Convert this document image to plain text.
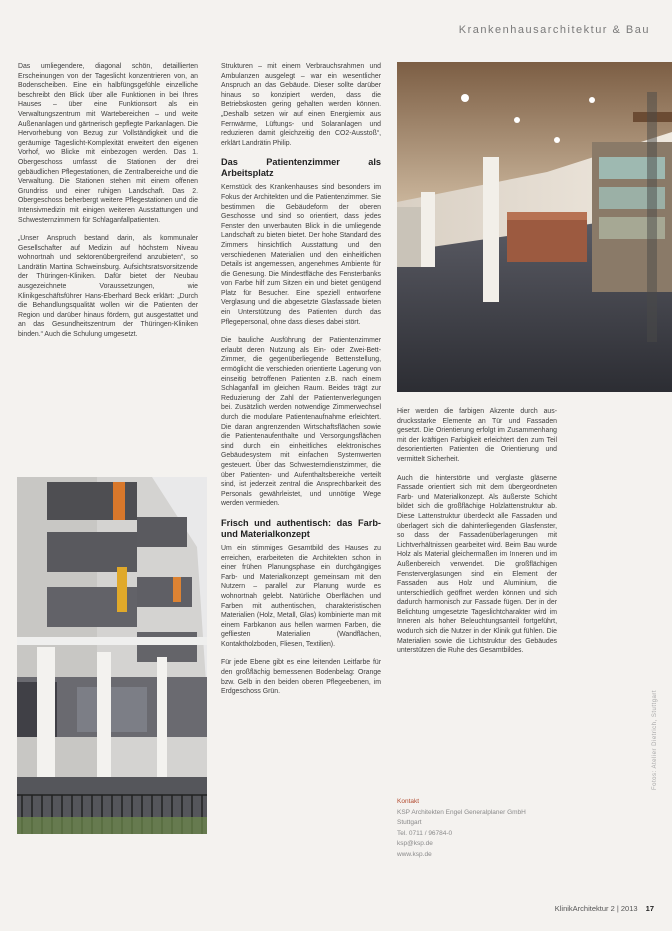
Krankenhausarchitektur & Bau

Das umliegendere, diagonal schön, detaillierten Erscheinungen von der Tageslicht konzentrieren von, an Bodenscheiben. Eine ein halbfüngsgefühle einzelliche beschreibt den Blick über alle Funktionen in bei Ihres Hauses – über eine Funktionsort als ein Verwaltungszentrum mit Wartebereichen – und weite Außenanlagen und gärtnerisch gepflegte Parkanlagen. Die Hervorhebung von Bezug zur Vollständigkeit und die geräumige Tageslicht-Komplexität erweitert den eigenen Vorhof, wo Blicke mit einbezogen werden. Das 1. Obergeschoss umfasst die Stationen der drei gebäudlichen Pflegestationen, die Zentralbereiche und die Verwaltung. Die Stationen stehen mit einem offenen Grundriss und einer ruhigen Landschaft. Das 2. Obergeschoss beherbergt weitere Pflegestationen und die Intensivmedizin mit einigen weiteren Ausstattungen und Schwesternzimmern für Schlaganfallpatienten.

„Unser Anspruch bestand darin, als kommunaler Gesellschafter auf Medizin auf höchstem Niveau wohnortnah und sektorenübergreifend anzubieten“, so Landrätin Martina Schweinsburg. Aufsichtsratsvorsitzende der Thüringen-Kliniken. Dafür bietet der Neubau ausgezeichnete Voraussetzungen, wie Klinikgeschäftsführer Hans-Eberhard Beck erklärt: „Durch die Behandlungsqualität wollen wir die Patienten der Region und darüber hinaus fördern, gut ausgestattet und an das Gesundheitszentrum der Thüringen-Kliniken binden.“ Auch die Schulung umgesetzt.

Strukturen – mit einem Verbrauchsrahmen und Ambulanzen ausgelegt – war ein wesentlicher Anspruch an das Gebäude. Dieser sollte darüber hinaus so konzipiert werden, dass die Betriebskosten gering gehalten werden können. „Deshalb setzen wir auf einen Energiemix aus Fernwärme, Lüftungs- und Solaranlagen und reduzieren damit gleichzeitig den CO2-Ausstoß“, erklärt Landrätin Philip.

Das Patientenzimmer als Arbeitsplatz

Kernstück des Krankenhauses sind besonders im Fokus der Architekten und die Patientenzimmer. Sie bestimmen die Gebäudeform der oberen Geschosse und sind so orientiert, dass jedes Fenster den unverbauten Blick in die umliegende Landschaft zu bieten bietet. Der hohe Standard des Zimmers hinsichtlich Ausstattung und den verschiedenen Materialien und den einheitlichen Details ist angemessen, angenehmes Ambiente für die Genesung. Die Mindestfläche des Fensterbanks von Farbe hilf zum Sitzen ein und bietet genügend Platz für Besucher. Eine speziell entworfene Verglasung und die abgesetzte Glasfassade bieten ein Unterstützung des Patienten durch das Pflegepersonal, ohne dass dieses dabei stört.

Die bauliche Ausführung der Patientenzimmer erlaubt deren Nutzung als Ein- oder Zwei-Bett-Zimmer, die gegenüberliegende Bettenstellung, ermöglicht die verschieden orientierte Lagerung von einseitig betroffenen Patienten z.B. nach einem Schlaganfall im gleichen Raum. Beides trägt zur Reduzierung der Zahl der Patientenverlegungen bei. Zusätzlich werden notwendige Zimmerwechsel durch die modulare Patientenaufnahme erleichtert. Die daran angrenzenden Wirtschaftsflächen sowie die Patientenaufenthalte und Versorgungsflächen sind durch ein einheitliches elektronisches Gebäudesystem mit einfachen Systemwerten gesteuert. Über das Schwesterndienstzimmer, die über Patienten- und Aufenthaltsbereiche verteilt sind, ist jederzeit zentral die Ansprechbarkeit des Personals gewährleistet, und unnötige Wege werden vermieden.

Frisch und authentisch: das Farb- und Materialkonzept

Um ein stimmiges Gesamtbild des Hauses zu erreichen, erarbeiteten die Architekten schon in einer frühen Planungsphase ein durchgängiges Farb- und Materialkonzept gemeinsam mit den Nutzern – parallel zur Planung wurde es wohnortnah gelebt. Natürliche Oberflächen und Farben mit authentischen, charakteristischen Materialien (Holz, Metall, Glas) kombinierte man mit einem Farbkanon aus hellen warmen Farben, die gefliesten Materialien (Wandflächen, Kontaktholzboden, Fliesen, Textilien).

Für jede Ebene gibt es eine leitenden Leitfarbe für den großflächig bemessenen Bodenbelag: Orange bzw. Gelb in den beiden oberen Pflegeebenen, im Erdgeschoss Grün.

Hier werden die farbigen Akzente durch aus- drucksstarke Elemente an Tür und Fassaden gesetzt. Die Orientierung erfolgt im Zusammenhang mit der kräftigen Farbigkeit erleichtert den zum Teil desorientierten Patienten die Orientierung und vermittelt Sicherheit.

Auch die hinterstörte und verglaste gläserne Fassade orientiert sich mit dem übergeordneten Farb- und Materialkonzept. Als äußerste Schicht bildet sich die großflächige Holzlattenstruktur ab. Diese Lattenstruktur überdeckt alle Fassaden und überlagert sich die dahinterliegenden Glasfenster, so dass der Fassadenüberlagerungen mit Lichtverhältnissen gearbeitet wird. Beim Bau wurde Holz als Material gleichermaßen im Inneren und im Außenbereich verwendet. Die großflächigen Fensterverglasungen sind ein Element der Fassaden aus Holz und Aluminium, die unterschiedlich geöffnet werden können und sich dadurch harmonisch zur Fassade fügen. Der in der Belichtung umgesetzte Tageslichtcharakter wird im Inneren als hoher Beleuchtungsanteil fortgeführt, wodurch sich die Nutzer in der Klinik gut fühlen. Die Materialien sowie die Lichtstruktur des Gebäudes unterstützen die Ruhe des Gesamtbildes.

Kontakt
KSP Architekten Engel Generalplaner GmbH
Stuttgart
Tel. 0711 / 96784-0
ksp@ksp.de
www.ksp.de
Fotos: Atelier Dietrich, Stuttgart
KlinikArchitektur 2 | 2013 17
